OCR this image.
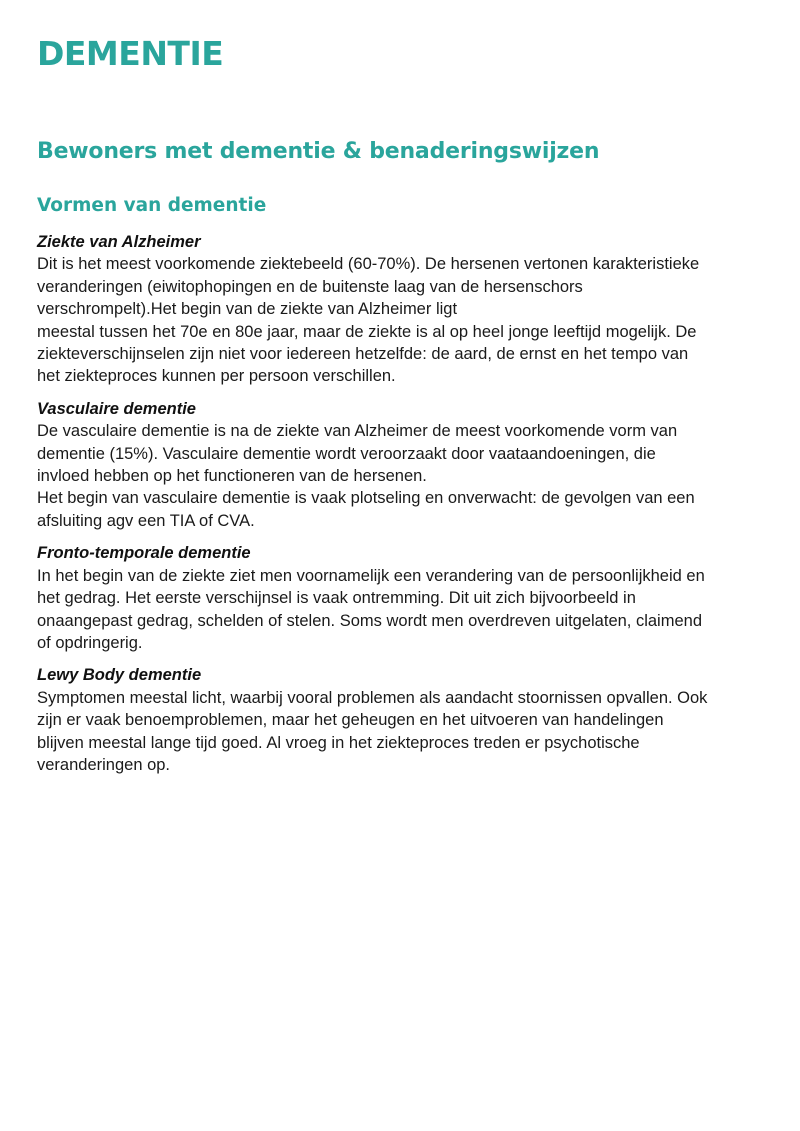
DEMENTIE
Bewoners met dementie & benaderingswijzen
Vormen van dementie

Ziekte van Alzheimer

Dit is het meest voorkomende ziektebeeld (60-70%). De hersenen vertonen karakteristieke

veranderingen (eiwitophopingen en de buitenste laag van de hersenschors

verschrompelt).Het begin van de ziekte van Alzheimer ligt

meestal tussen het 70e en 80e jaar, maar de ziekte is al op heel jonge leeftijd mogelijk. De

ziekteverschijnselen zijn niet voor iedereen hetzelfde: de aard, de ernst en het tempo van

het ziekteproces kunnen per persoon verschillen.

Vasculaire dementie

De vasculaire dementie is na de ziekte van Alzheimer de meest voorkomende vorm van

dementie (15%). Vasculaire dementie wordt veroorzaakt door vaataandoeningen, die

invloed hebben op het functioneren van de hersenen.

Het begin van vasculaire dementie is vaak plotseling en onverwacht: de gevolgen van een

afsluiting agv een TIA of CVA.

Fronto-temporale dementie

In het begin van de ziekte ziet men voornamelijk een verandering van de persoonlijkheid en

het gedrag. Het eerste verschijnsel is vaak ontremming. Dit uit zich bijvoorbeeld in

onaangepast gedrag, schelden of stelen. Soms wordt men overdreven uitgelaten, claimend

of opdringerig.

Lewy Body dementie

Symptomen meestal licht, waarbij vooral problemen als aandacht stoornissen opvallen. Ook

zijn er vaak benoemproblemen, maar het geheugen en het uitvoeren van handelingen

blijven meestal lange tijd goed. Al vroeg in het ziekteproces treden er psychotische

veranderingen op.
